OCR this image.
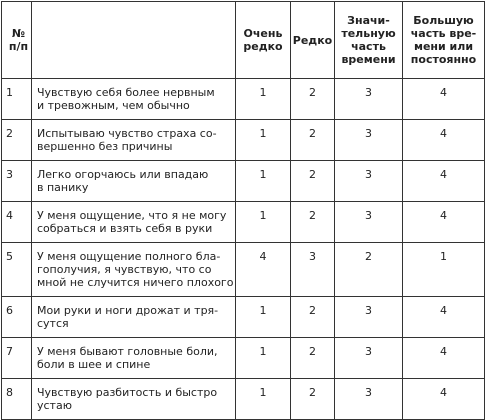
№
п/п		Очень редко	Редко	Значи- тельную часть времени	Большую часть вре- мени или постоянно

1	Чувствую себя более нервным
и тревожным, чем обычно	1	2	3	4

2	Испытываю чувство страха со-
вершенно без причины	1	2	3	4

3	Легко огорчаюсь или впадаю
в панику	1	2	3	4

4	У меня ощущение, что я не могу
собраться и взять себя в руки	1	2	3	4

5	У меня ощущение полного бла-
гополучия, я чувствую, что со
мной не случится ничего плохого	4	3	2	1

6	Мои руки и ноги дрожат и тря-
сутся	1	2	3	4

7	У меня бывают головные боли,
боли в шее и спине	1	2	3	4

8	Чувствую разбитость и быстро
устаю	1	2	3	4
